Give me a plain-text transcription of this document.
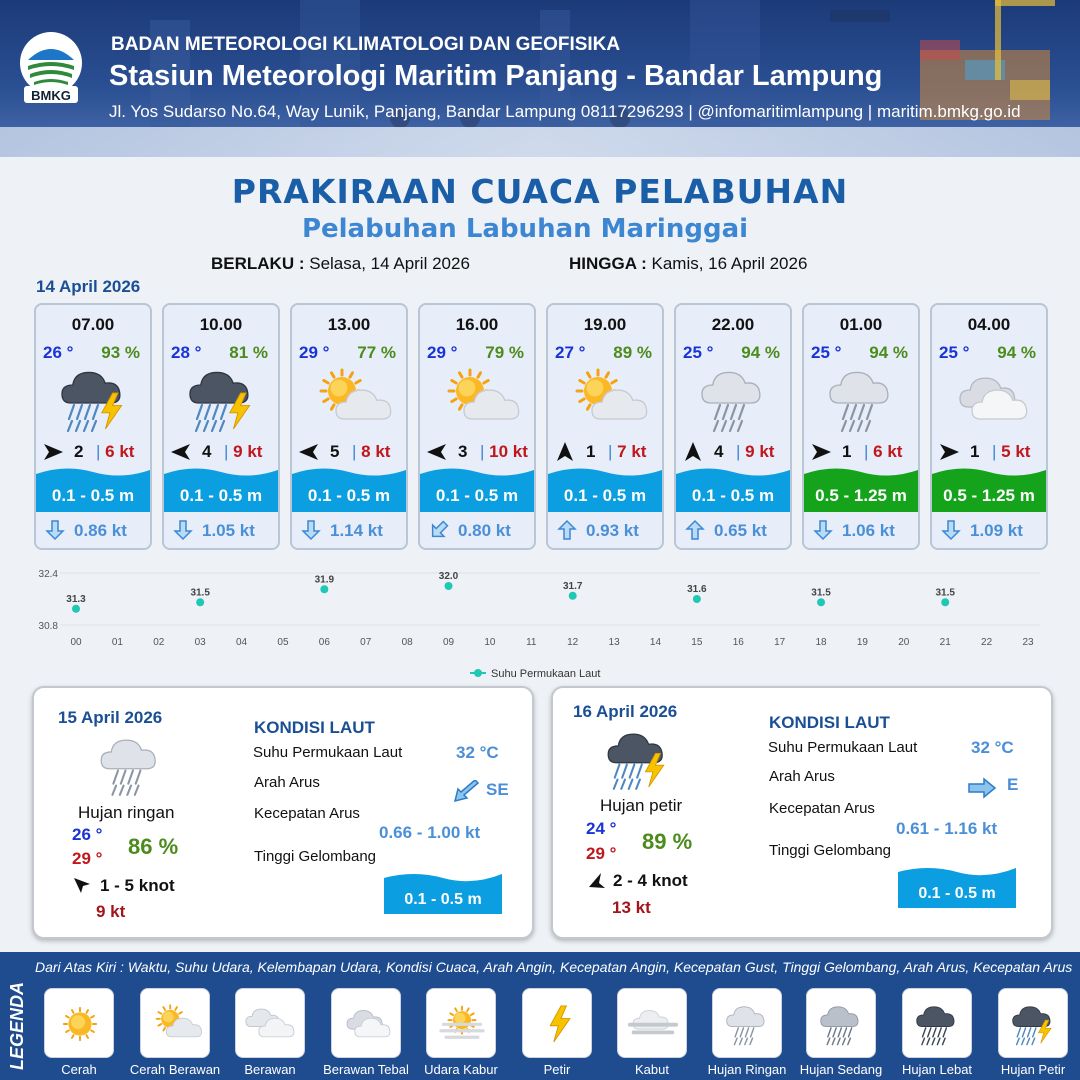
BMKG
BADAN METEOROLOGI KLIMATOLOGI DAN GEOFISIKA
Stasiun Meteorologi Maritim Panjang - Bandar Lampung
Jl. Yos Sudarso No.64, Way Lunik, Panjang, Bandar Lampung 08117296293 | @infomaritimlampung | maritim.bmkg.go.id
PRAKIRAAN CUACA PELABUHAN
Pelabuhan Labuhan Maringgai
BERLAKU : Selasa, 14 April 2026	HINGGA : Kamis, 16 April 2026
14 April 2026
07.00
26 ° 93 %
2 | 6 kt
0.1 - 0.5 m
0.86 kt
10.00
28 ° 81 %
4 | 9 kt
0.1 - 0.5 m
1.05 kt
13.00
29 ° 77 %
5 | 8 kt
0.1 - 0.5 m
1.14 kt
16.00
29 ° 79 %
3 | 10 kt
0.1 - 0.5 m
0.80 kt
19.00
27 ° 89 %
1 | 7 kt
0.1 - 0.5 m
0.93 kt
22.00
25 ° 94 %
4 | 9 kt
0.1 - 0.5 m
0.65 kt
01.00
25 ° 94 %
1 | 6 kt
0.5 - 1.25 m
1.06 kt
04.00
25 ° 94 %
1 | 5 kt
0.5 - 1.25 m
1.09 kt
32.4
30.8
00	01	02	03	04	05	06	07	08	09	10	11	12	13	14	15	16	17	18	19	20	21	22	23
31.3
31.5
31.9	32.0
31.7	31.6	31.5	31.5
Suhu Permukaan Laut
15 April 2026
Hujan ringan
26 °
29 ° 86 %
1 - 5 knot
9 kt
KONDISI LAUT
Suhu Permukaan Laut	32 °C
Arah Arus	SE
Kecepatan Arus
0.66 - 1.00 kt
Tinggi Gelombang
0.1 - 0.5 m
16 April 2026
Hujan petir
24 °
29 ° 89 %
2 - 4 knot
13 kt
KONDISI LAUT
Suhu Permukaan Laut	32 °C
Arah Arus	E
Kecepatan Arus
0.61 - 1.16 kt
Tinggi Gelombang
0.1 - 0.5 m
LEGENDA
Dari Atas Kiri : Waktu, Suhu Udara, Kelembapan Udara, Kondisi Cuaca, Arah Angin, Kecepatan Angin, Kecepatan Gust, Tinggi Gelombang, Arah Arus, Kecepatan Arus
Cerah	Cerah Berawan	Berawan	Berawan Tebal	Udara Kabur	Petir	Kabut	Hujan Ringan	Hujan Sedang	Hujan Lebat	Hujan Petir
